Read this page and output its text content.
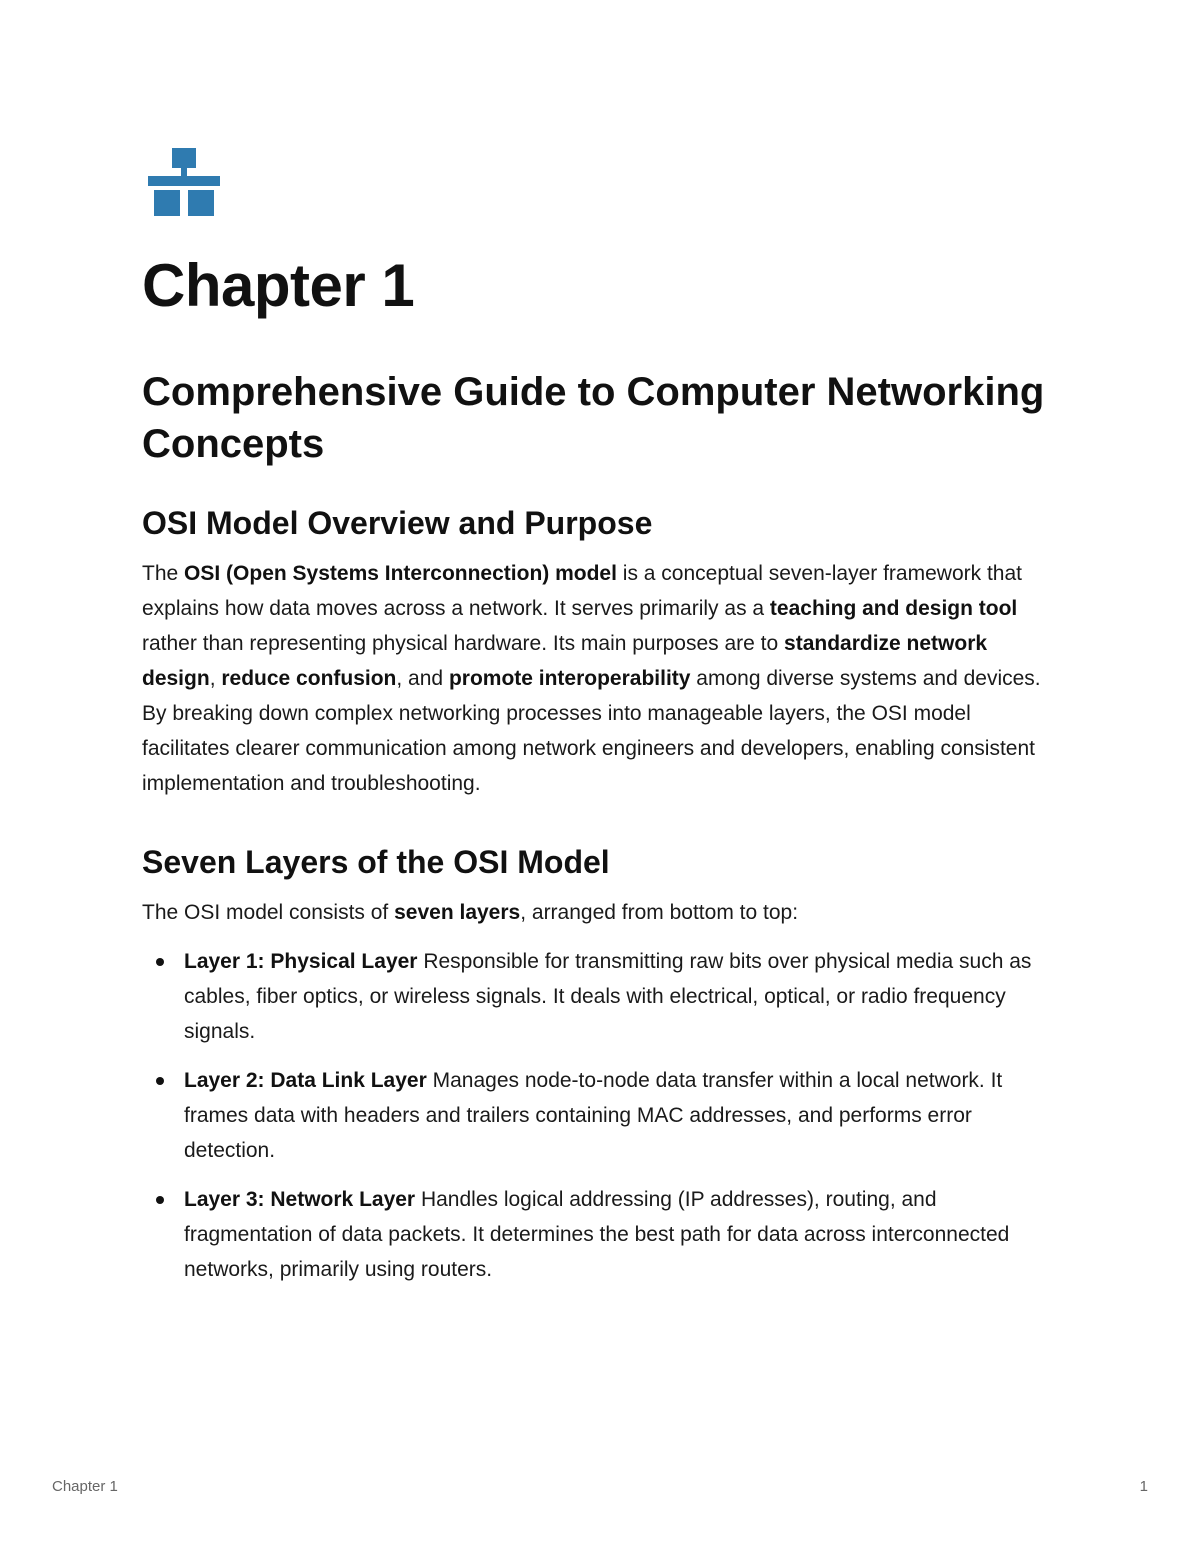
Chapter 1
Comprehensive Guide to Computer Networking Concepts
OSI Model Overview and Purpose

The OSI (Open Systems Interconnection) model is a conceptual seven-layer framework that explains how data moves across a network. It serves primarily as a teaching and design tool rather than representing physical hardware. Its main purposes are to standardize network design, reduce confusion, and promote interoperability among diverse systems and devices. By breaking down complex networking processes into manageable layers, the OSI model facilitates clearer communication among network engineers and developers, enabling consistent implementation and troubleshooting.

Seven Layers of the OSI Model

The OSI model consists of seven layers, arranged from bottom to top:

Layer 1: Physical Layer Responsible for transmitting raw bits over physical media such as cables, fiber optics, or wireless signals. It deals with electrical, optical, or radio frequency signals.
Layer 2: Data Link Layer Manages node-to-node data transfer within a local network. It frames data with headers and trailers containing MAC addresses, and performs error detection.
Layer 3: Network Layer Handles logical addressing (IP addresses), routing, and fragmentation of data packets. It determines the best path for data across interconnected networks, primarily using routers.
Chapter 1	1
